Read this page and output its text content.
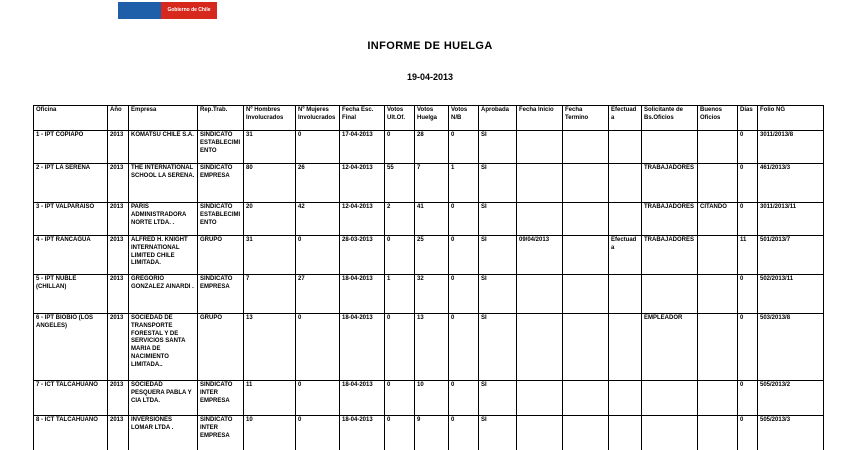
Gobierno de Chile
INFORME DE HUELGA
19-04-2013
Oficina	Año	Empresa	Rep.Trab.	Nº Hombres Involucrados	Nº Mujeres Involucrados	Fecha Esc. Final	Votos Ult.Of.	Votos Huelga	Votos N/B	Aprobada	Fecha Inicio	Fecha Termino	Efectuada	Solicitante de Bs.Oficios	Buenos Oficios	Días	Folio NG
1 - IPT COPIAPO	2013	KOMATSU CHILE S.A.	SINDICATO ESTABLECIMIENTO	31	0	17-04-2013	0	28	0	SI						0	3011/2013/8
2 - IPT LA SERENA	2013	THE INTERNATIONAL SCHOOL LA SERENA.	SINDICATO EMPRESA	80	26	12-04-2013	55	7	1	SI				TRABAJADORES		0	461/2013/3
3 - IPT VALPARAISO	2013	PARIS ADMINISTRADORA NORTE LTDA. .	SINDICATO ESTABLECIMIENTO	20	42	12-04-2013	2	41	0	SI				TRABAJADORES	CITANDO	0	3011/2013/11
4 - IPT RANCAGUA	2013	ALFRED H. KNIGHT INTERNATIONAL LIMITED CHILE LIMITADA.	GRUPO	31	0	28-03-2013	0	25	0	SI	09/04/2013		Efectuada	TRABAJADORES		11	501/2013/7
5 - IPT ÑUBLE (CHILLAN)	2013	GREGORIO GONZALEZ AINARDI .	SINDICATO EMPRESA	7	27	18-04-2013	1	32	0	SI						0	502/2013/11
6 - IPT BIOBIO (LOS ANGELES)	2013	SOCIEDAD DE TRANSPORTE FORESTAL Y DE SERVICIOS SANTA MARIA DE NACIMIENTO LIMITADA..	GRUPO	13	0	18-04-2013	0	13	0	SI				EMPLEADOR		0	503/2013/8
7 - ICT TALCAHUANO	2013	SOCIEDAD PESQUERA PABLA Y CIA LTDA.	SINDICATO INTER EMPRESA	11	0	18-04-2013	0	10	0	SI						0	505/2013/2
8 - ICT TALCAHUANO	2013	INVERSIONES LOMAR LTDA .	SINDICATO INTER EMPRESA	10	0	18-04-2013	0	9	0	SI						0	505/2013/3
